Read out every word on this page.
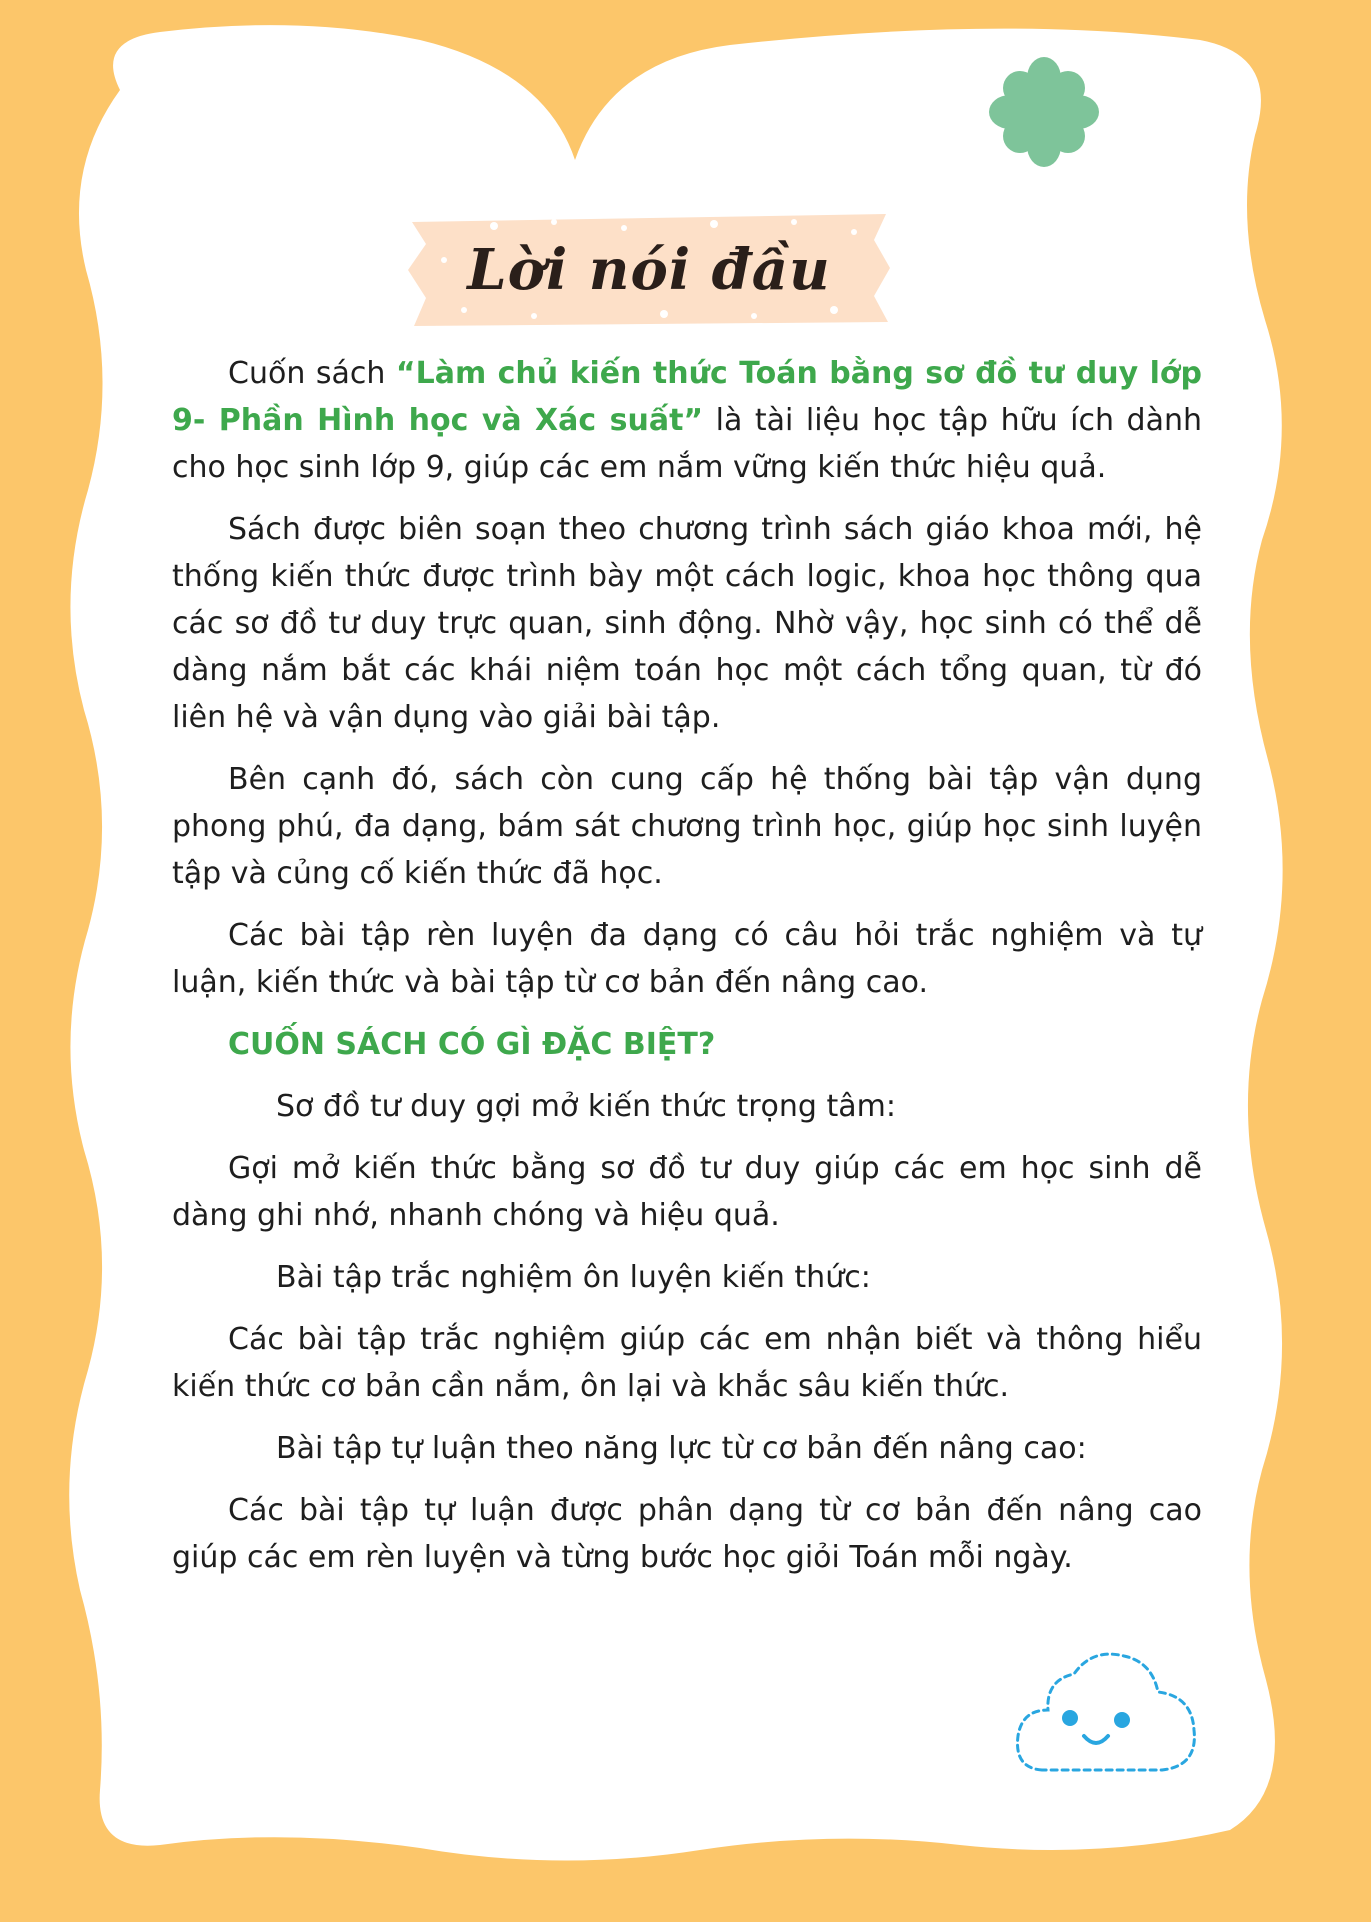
Lời nói đầu

Cuốn sách “Làm chủ kiến thức Toán bằng sơ đồ tư duy lớp 9- Phần Hình học và Xác suất” là tài liệu học tập hữu ích dành cho học sinh lớp 9, giúp các em nắm vững kiến thức hiệu quả.

Sách được biên soạn theo chương trình sách giáo khoa mới, hệ thống kiến thức được trình bày một cách logic, khoa học thông qua các sơ đồ tư duy trực quan, sinh động. Nhờ vậy, học sinh có thể dễ dàng nắm bắt các khái niệm toán học một cách tổng quan, từ đó liên hệ và vận dụng vào giải bài tập.

Bên cạnh đó, sách còn cung cấp hệ thống bài tập vận dụng phong phú, đa dạng, bám sát chương trình học, giúp học sinh luyện tập và củng cố kiến thức đã học.

Các bài tập rèn luyện đa dạng có câu hỏi trắc nghiệm và tự luận, kiến thức và bài tập từ cơ bản đến nâng cao.

CUỐN SÁCH CÓ GÌ ĐẶC BIỆT?

Sơ đồ tư duy gợi mở kiến thức trọng tâm:

Gợi mở kiến thức bằng sơ đồ tư duy giúp các em học sinh dễ dàng ghi nhớ, nhanh chóng và hiệu quả.

Bài tập trắc nghiệm ôn luyện kiến thức:

Các bài tập trắc nghiệm giúp các em nhận biết và thông hiểu kiến thức cơ bản cần nắm, ôn lại và khắc sâu kiến thức.

Bài tập tự luận theo năng lực từ cơ bản đến nâng cao:

Các bài tập tự luận được phân dạng từ cơ bản đến nâng cao giúp các em rèn luyện và từng bước học giỏi Toán mỗi ngày.
